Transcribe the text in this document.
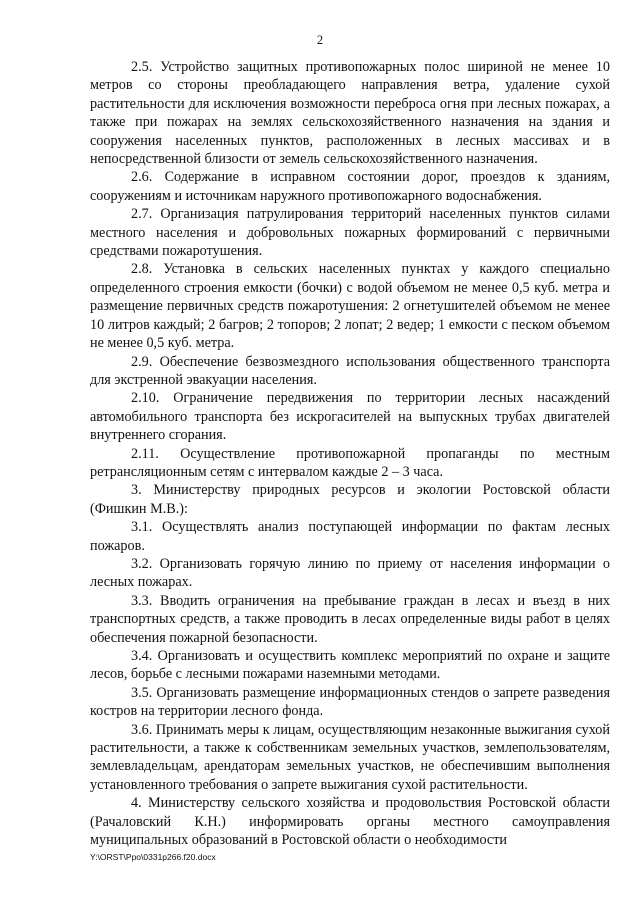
2

2.5. Устройство защитных противопожарных полос шириной не менее 10 метров со стороны преобладающего направления ветра, удаление сухой растительности для исключения возможности переброса огня при лесных пожарах, а также при пожарах на землях сельскохозяйственного назначения на здания и сооружения населенных пунктов, расположенных в лесных массивах и в непосредственной близости от земель сельскохозяйственного назначения.

2.6. Содержание в исправном состоянии дорог, проездов к зданиям, сооружениям и источникам наружного противопожарного водоснабжения.

2.7. Организация патрулирования территорий населенных пунктов силами местного населения и добровольных пожарных формирований с первичными средствами пожаротушения.

2.8. Установка в сельских населенных пунктах у каждого специально определенного строения емкости (бочки) с водой объемом не менее 0,5 куб. метра и размещение первичных средств пожаротушения: 2 огнетушителей объемом не менее 10 литров каждый; 2 багров; 2 топоров; 2 лопат; 2 ведер; 1 емкости с песком объемом не менее 0,5 куб. метра.

2.9. Обеспечение безвозмездного использования общественного транспорта для экстренной эвакуации населения.

2.10. Ограничение передвижения по территории лесных насаждений автомобильного транспорта без искрогасителей на выпускных трубах двигателей внутреннего сгорания.

2.11. Осуществление противопожарной пропаганды по местным ретрансляционным сетям с интервалом каждые 2 – 3 часа.

3. Министерству природных ресурсов и экологии Ростовской области (Фишкин М.В.):

3.1. Осуществлять анализ поступающей информации по фактам лесных пожаров.

3.2. Организовать горячую линию по приему от населения информации о лесных пожарах.

3.3. Вводить ограничения на пребывание граждан в лесах и въезд в них транспортных средств, а также проводить в лесах определенные виды работ в целях обеспечения пожарной безопасности.

3.4. Организовать и осуществить комплекс мероприятий по охране и защите лесов, борьбе с лесными пожарами наземными методами.

3.5. Организовать размещение информационных стендов о запрете разведения костров на территории лесного фонда.

3.6. Принимать меры к лицам, осуществляющим незаконные выжигания сухой растительности, а также к собственникам земельных участков, землепользователям, землевладельцам, арендаторам земельных участков, не обеспечившим выполнения установленного требования о запрете выжигания сухой растительности.

4. Министерству сельского хозяйства и продовольствия Ростовской области (Рачаловский К.Н.) информировать органы местного самоуправления муниципальных образований в Ростовской области о необходимости

Y:\ORST\Ppo\0331p266.f20.docx
